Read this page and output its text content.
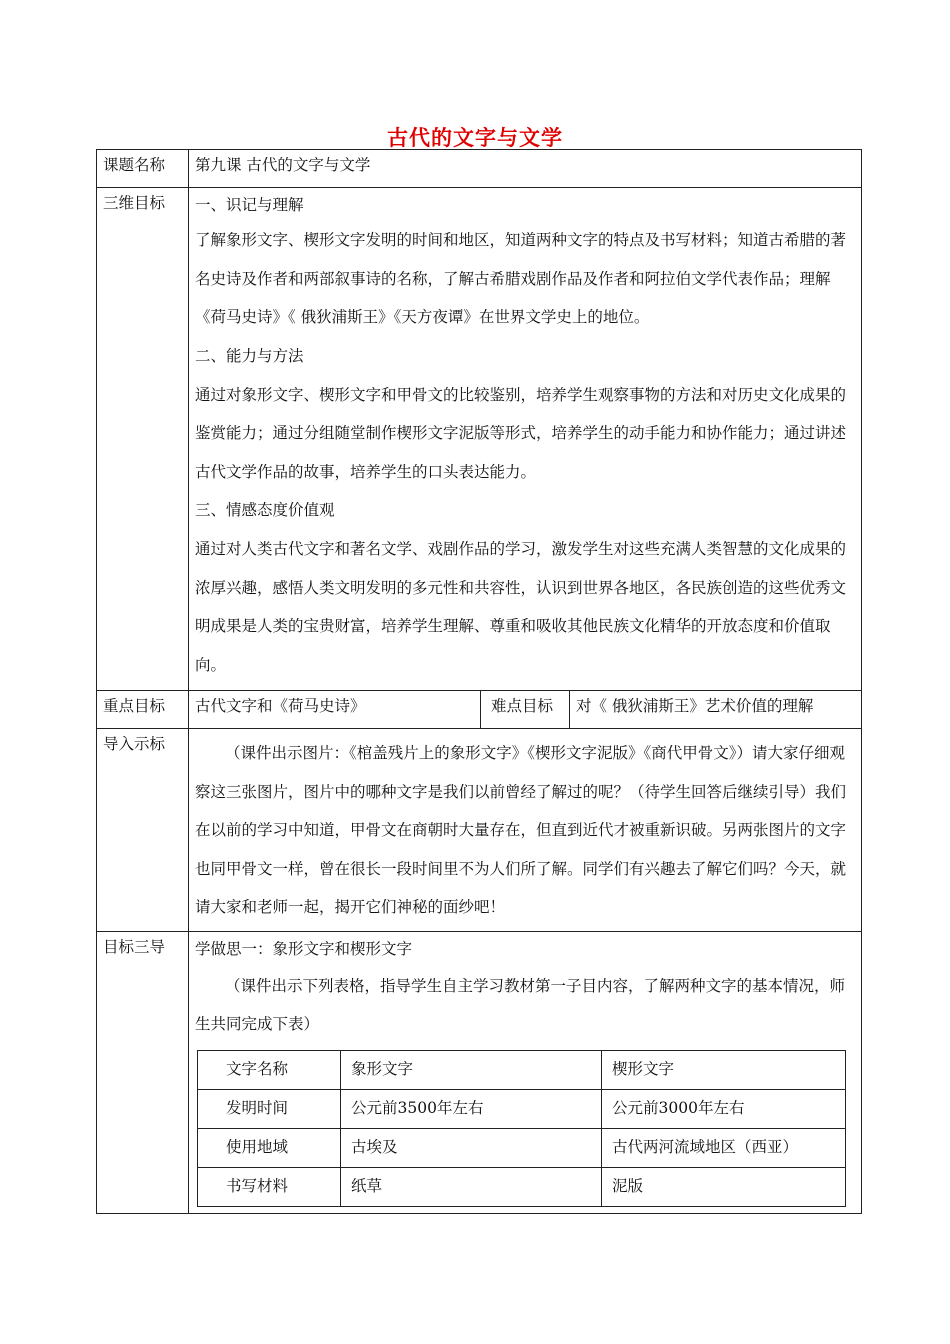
古代的文字与文学
课题名称	第九课 古代的文字与文学
三维目标	一、识记与理解
了解象形文字、楔形文字发明的时间和地区，知道两种文字的特点及书写材料；知道古希腊的著名史诗及作者和两部叙事诗的名称，了解古希腊戏剧作品及作者和阿拉伯文学代表作品；理解《荷马史诗》《 俄狄浦斯王》《天方夜谭》在世界文学史上的地位。
二、能力与方法
通过对象形文字、楔形文字和甲骨文的比较鉴别，培养学生观察事物的方法和对历史文化成果的鉴赏能力；通过分组随堂制作楔形文字泥版等形式，培养学生的动手能力和协作能力；通过讲述古代文学作品的故事，培养学生的口头表达能力。
三、情感态度价值观
通过对人类古代文字和著名文学、戏剧作品的学习，激发学生对这些充满人类智慧的文化成果的浓厚兴趣，感悟人类文明发明的多元性和共容性，认识到世界各地区，各民族创造的这些优秀文明成果是人类的宝贵财富，培养学生理解、尊重和吸收其他民族文化精华的开放态度和价值取向。

重点目标	古代文字和《荷马史诗》	难点目标	对《 俄狄浦斯王》艺术价值的理解
导入示标	（课件出示图片：《棺盖残片上的象形文字》《楔形文字泥版》《商代甲骨文》）请大家仔细观察这三张图片，图片中的哪种文字是我们以前曾经了解过的呢？（待学生回答后继续引导）我们在以前的学习中知道，甲骨文在商朝时大量存在，但直到近代才被重新识破。另两张图片的文字也同甲骨文一样，曾在很长一段时间里不为人们所了解。同学们有兴趣去了解它们吗？今天，就请大家和老师一起，揭开它们神秘的面纱吧！

目标三导	学做思一：象形文字和楔形文字
（课件出示下列表格，指导学生自主学习教材第一子目内容，了解两种文字的基本情况，师生共同完成下表）
文字名称	象形文字	楔形文字
发明时间	公元前3500年左右	公元前3000年左右
使用地域	古埃及	古代两河流域地区（西亚）
书写材料	纸草	泥版
